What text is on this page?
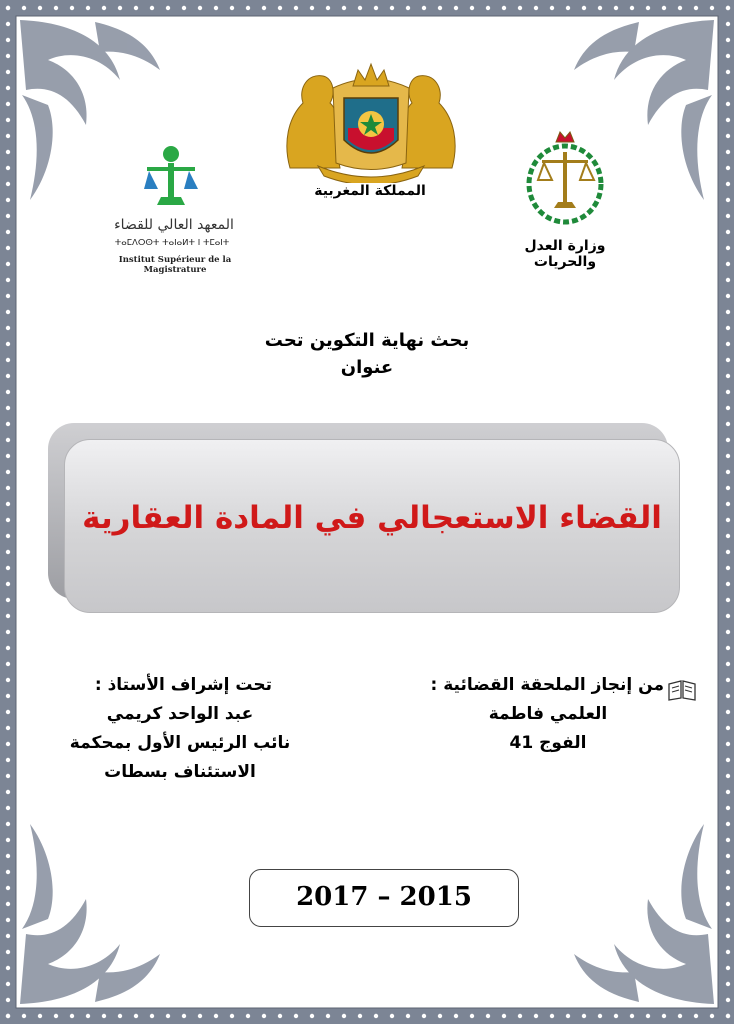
المملكة المغربية
المعهد العالي للقضاء
ⵜⴰⵎⴷⵔⵙⵜ ⵜⴰⵏⴰⵍⵜ ⵏ ⵜⵎⴰⵏⵜ
Institut Supérieur de la Magistrature
وزارة العدل والحريات
بحث نهاية التكوين تحت
عنوان
القضاء الاستعجالي في المادة العقارية
من إنجاز الملحقة القضائية :
العلمي فاطمة
الفوج 41
تحت إشراف الأستاذ :
عبد الواحد كريمي
نائب الرئيس الأول بمحكمة
الاستئناف بسطات
2017 – 2015
